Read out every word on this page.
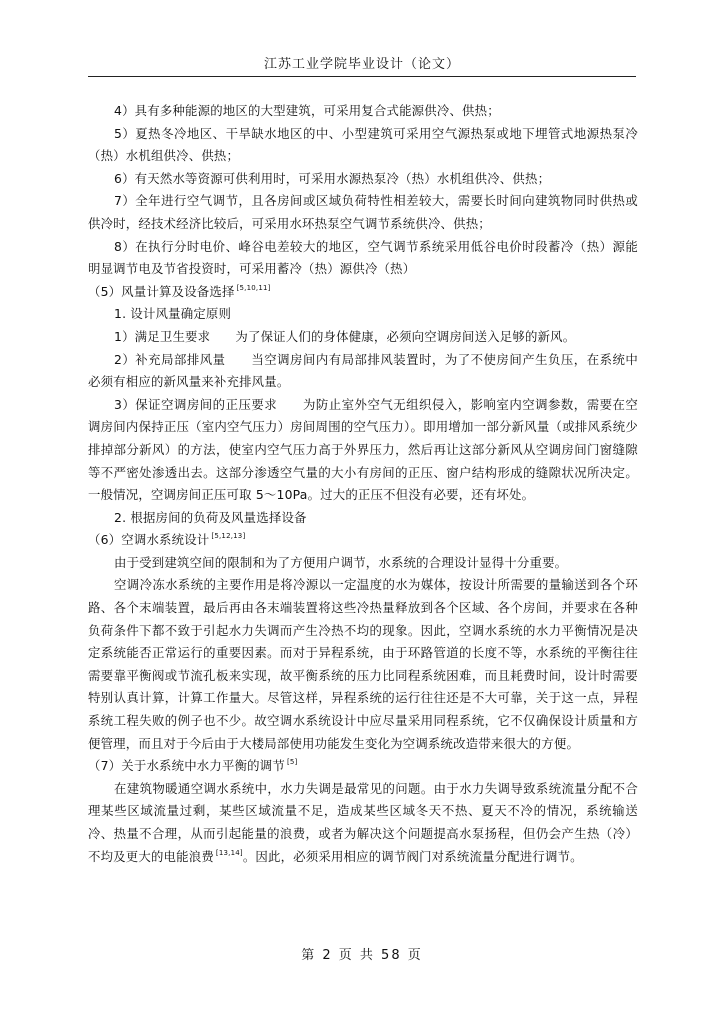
江苏工业学院毕业设计（论文）

4）具有多种能源的地区的大型建筑，可采用复合式能源供冷、供热；

5）夏热冬冷地区、干旱缺水地区的中、小型建筑可采用空气源热泵或地下埋管式地源热泵冷（热）水机组供冷、供热；

6）有天然水等资源可供利用时，可采用水源热泵冷（热）水机组供冷、供热；

7）全年进行空气调节，且各房间或区域负荷特性相差较大，需要长时间向建筑物同时供热或供冷时，经技术经济比较后，可采用水环热泵空气调节系统供冷、供热；

8）在执行分时电价、峰谷电差较大的地区，空气调节系统采用低谷电价时段蓄冷（热）源能明显调节电及节省投资时，可采用蓄冷（热）源供冷（热）

（5）风量计算及设备选择 [5,10,11]

1. 设计风量确定原则

1）满足卫生要求　　为了保证人们的身体健康，必须向空调房间送入足够的新风。

2）补充局部排风量　　当空调房间内有局部排风装置时，为了不使房间产生负压，在系统中必须有相应的新风量来补充排风量。

3）保证空调房间的正压要求　　为防止室外空气无组织侵入，影响室内空调参数，需要在空调房间内保持正压（室内空气压力）房间周围的空气压力）。即用增加一部分新风量（或排风系统少排掉部分新风）的方法，使室内空气压力高于外界压力，然后再让这部分新风从空调房间门窗缝隙等不严密处渗透出去。这部分渗透空气量的大小有房间的正压、窗户结构形成的缝隙状况所决定。一般情况，空调房间正压可取 5～10Pa。过大的正压不但没有必要，还有坏处。

2. 根据房间的负荷及风量选择设备

（6）空调水系统设计 [5,12,13]

由于受到建筑空间的限制和为了方便用户调节，水系统的合理设计显得十分重要。

空调冷冻水系统的主要作用是将冷源以一定温度的水为媒体，按设计所需要的量输送到各个环路、各个末端装置，最后再由各末端装置将这些冷热量释放到各个区域、各个房间，并要求在各种负荷条件下都不致于引起水力失调而产生冷热不均的现象。因此，空调水系统的水力平衡情况是决定系统能否正常运行的重要因素。而对于异程系统，由于环路管道的长度不等，水系统的平衡往往需要靠平衡阀或节流孔板来实现，故平衡系统的压力比同程系统困难，而且耗费时间，设计时需要特别认真计算，计算工作量大。尽管这样，异程系统的运行往往还是不大可靠，关于这一点，异程系统工程失败的例子也不少。故空调水系统设计中应尽量采用同程系统，它不仅确保设计质量和方便管理，而且对于今后由于大楼局部使用功能发生变化为空调系统改造带来很大的方便。

（7）关于水系统中水力平衡的调节 [5]

在建筑物暖通空调水系统中，水力失调是最常见的问题。由于水力失调导致系统流量分配不合理某些区域流量过剩，某些区域流量不足，造成某些区域冬天不热、夏天不冷的情况，系统输送冷、热量不合理，从而引起能量的浪费，或者为解决这个问题提高水泵扬程，但仍会产生热（冷）不均及更大的电能浪费 [13,14]。因此，必须采用相应的调节阀门对系统流量分配进行调节。

第 2 页 共 58 页
